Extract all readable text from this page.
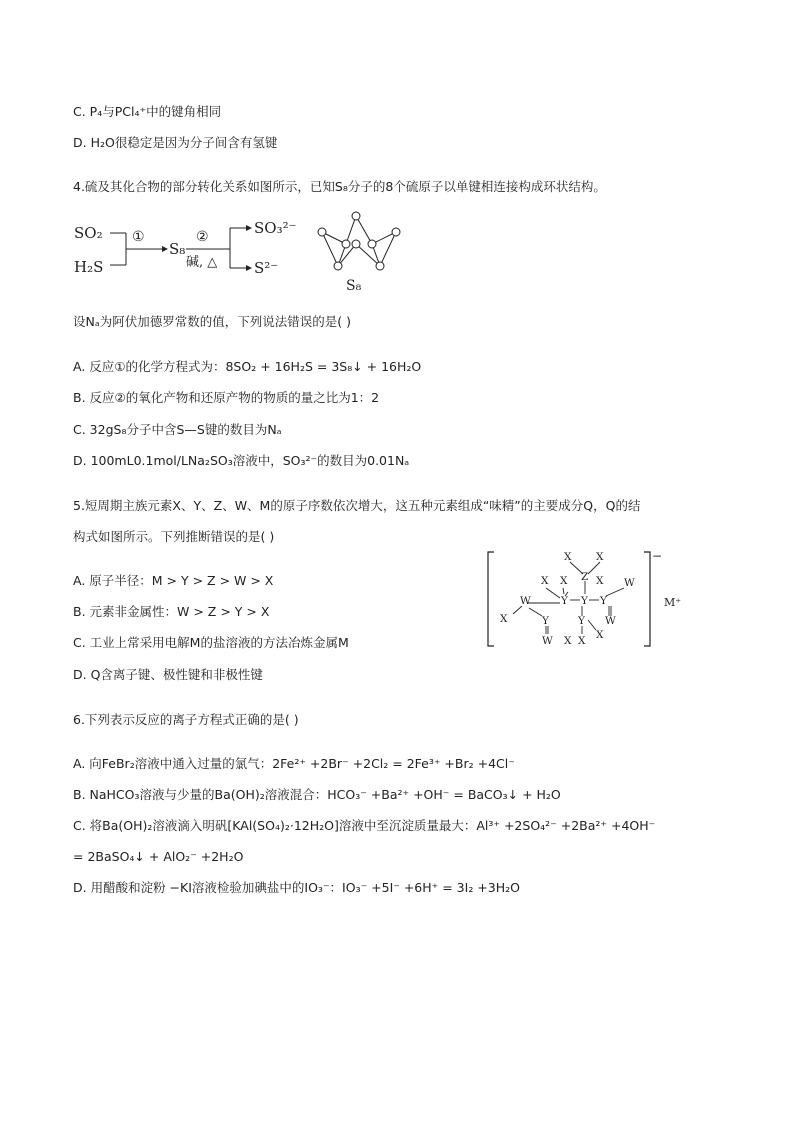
C. P₄与PCl₄⁺中的键角相同
D. H₂O很稳定是因为分子间含有氢键
4.硫及其化合物的部分转化关系如图所示，已知S₈分子的8个硫原子以单键相连接构成环状结构。
SO₂
H₂S
①
S₈
②
碱, △
SO₃²⁻
S²⁻
S₈
设Nₐ为阿伏加德罗常数的值，下列说法错误的是( )
A. 反应①的化学方程式为：8SO₂ + 16H₂S = 3S₈↓ + 16H₂O
B. 反应②的氧化产物和还原产物的物质的量之比为1：2
C. 32gS₈分子中含S—S键的数目为Nₐ
D. 100mL0.1mol/LNa₂SO₃溶液中，SO₃²⁻的数目为0.01Nₐ
5.短周期主族元素X、Y、Z、W、M的原子序数依次增大，这五种元素组成“味精”的主要成分Q，Q的结
构式如图所示。下列推断错误的是( )
A. 原子半径：M > Y > Z > W > X
B. 元素非金属性：W > Z > Y > X
C. 工业上常采用电解M的盐溶液的方法冶炼金属M
D. Q含离子键、极性键和非极性键
−
M⁺
X X
X X Z X W
W
X
Y Y Y
Y
W X
Y W
X
X
6.下列表示反应的离子方程式正确的是( )
A. 向FeBr₂溶液中通入过量的氯气：2Fe²⁺ +2Br⁻ +2Cl₂ = 2Fe³⁺ +Br₂ +4Cl⁻
B. NaHCO₃溶液与少量的Ba(OH)₂溶液混合：HCO₃⁻ +Ba²⁺ +OH⁻ = BaCO₃↓ + H₂O
C. 将Ba(OH)₂溶液滴入明矾[KAl(SO₄)₂·12H₂O]溶液中至沉淀质量最大：Al³⁺ +2SO₄²⁻ +2Ba²⁺ +4OH⁻
= 2BaSO₄↓ + AlO₂⁻ +2H₂O
D. 用醋酸和淀粉 −KI溶液检验加碘盐中的IO₃⁻：IO₃⁻ +5I⁻ +6H⁺ = 3I₂ +3H₂O
